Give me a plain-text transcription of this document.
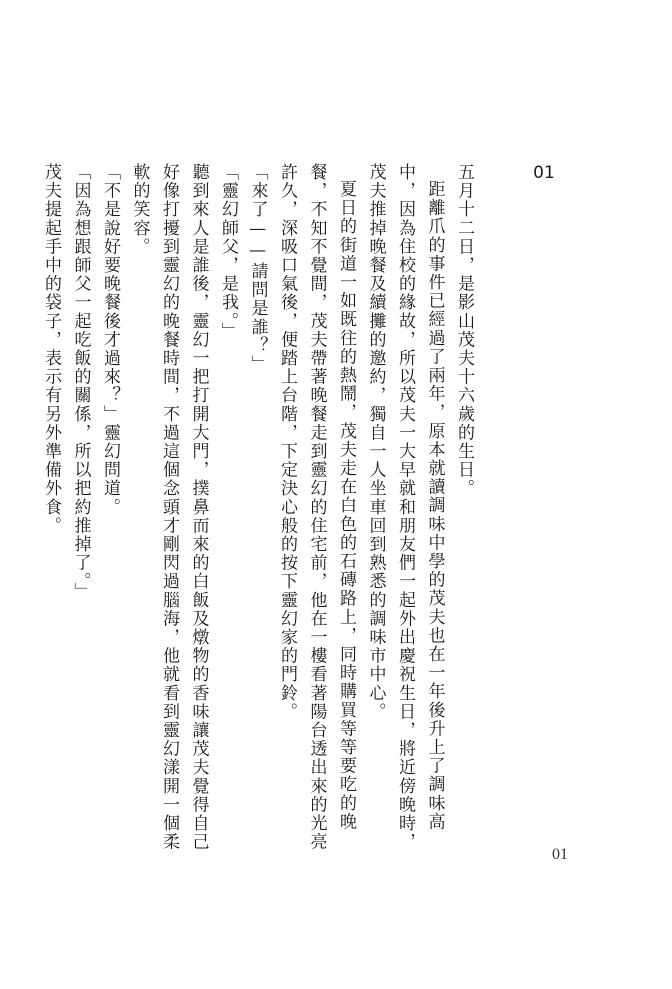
01

五月十二日，是影山茂夫十六歲的生日。

距離爪的事件已經過了兩年，原本就讀調味中學的茂夫也在一年後升上了調味高中，因為住校的緣故，所以茂夫一大早就和朋友們一起外出慶祝生日，將近傍晚時，茂夫推掉晚餐及續攤的邀約，獨自一人坐車回到熟悉的調味市中心。

夏日的街道一如既往的熱鬧，茂夫走在白色的石磚路上，同時購買等等要吃的晚餐，不知不覺間，茂夫帶著晚餐走到靈幻的住宅前，他在一樓看著陽台透出來的光亮許久，深吸口氣後，便踏上台階，下定決心般的按下靈幻家的門鈴。

「來了——請問是誰？」

「靈幻師父，是我。」

聽到來人是誰後，靈幻一把打開大門，撲鼻而來的白飯及燉物的香味讓茂夫覺得自己好像打擾到靈幻的晚餐時間，不過這個念頭才剛閃過腦海，他就看到靈幻漾開一個柔軟的笑容。

「不是說好要晚餐後才過來？」靈幻問道。

「因為想跟師父一起吃飯的關係，所以把約推掉了。」

茂夫提起手中的袋子，表示有另外準備外食。

01
